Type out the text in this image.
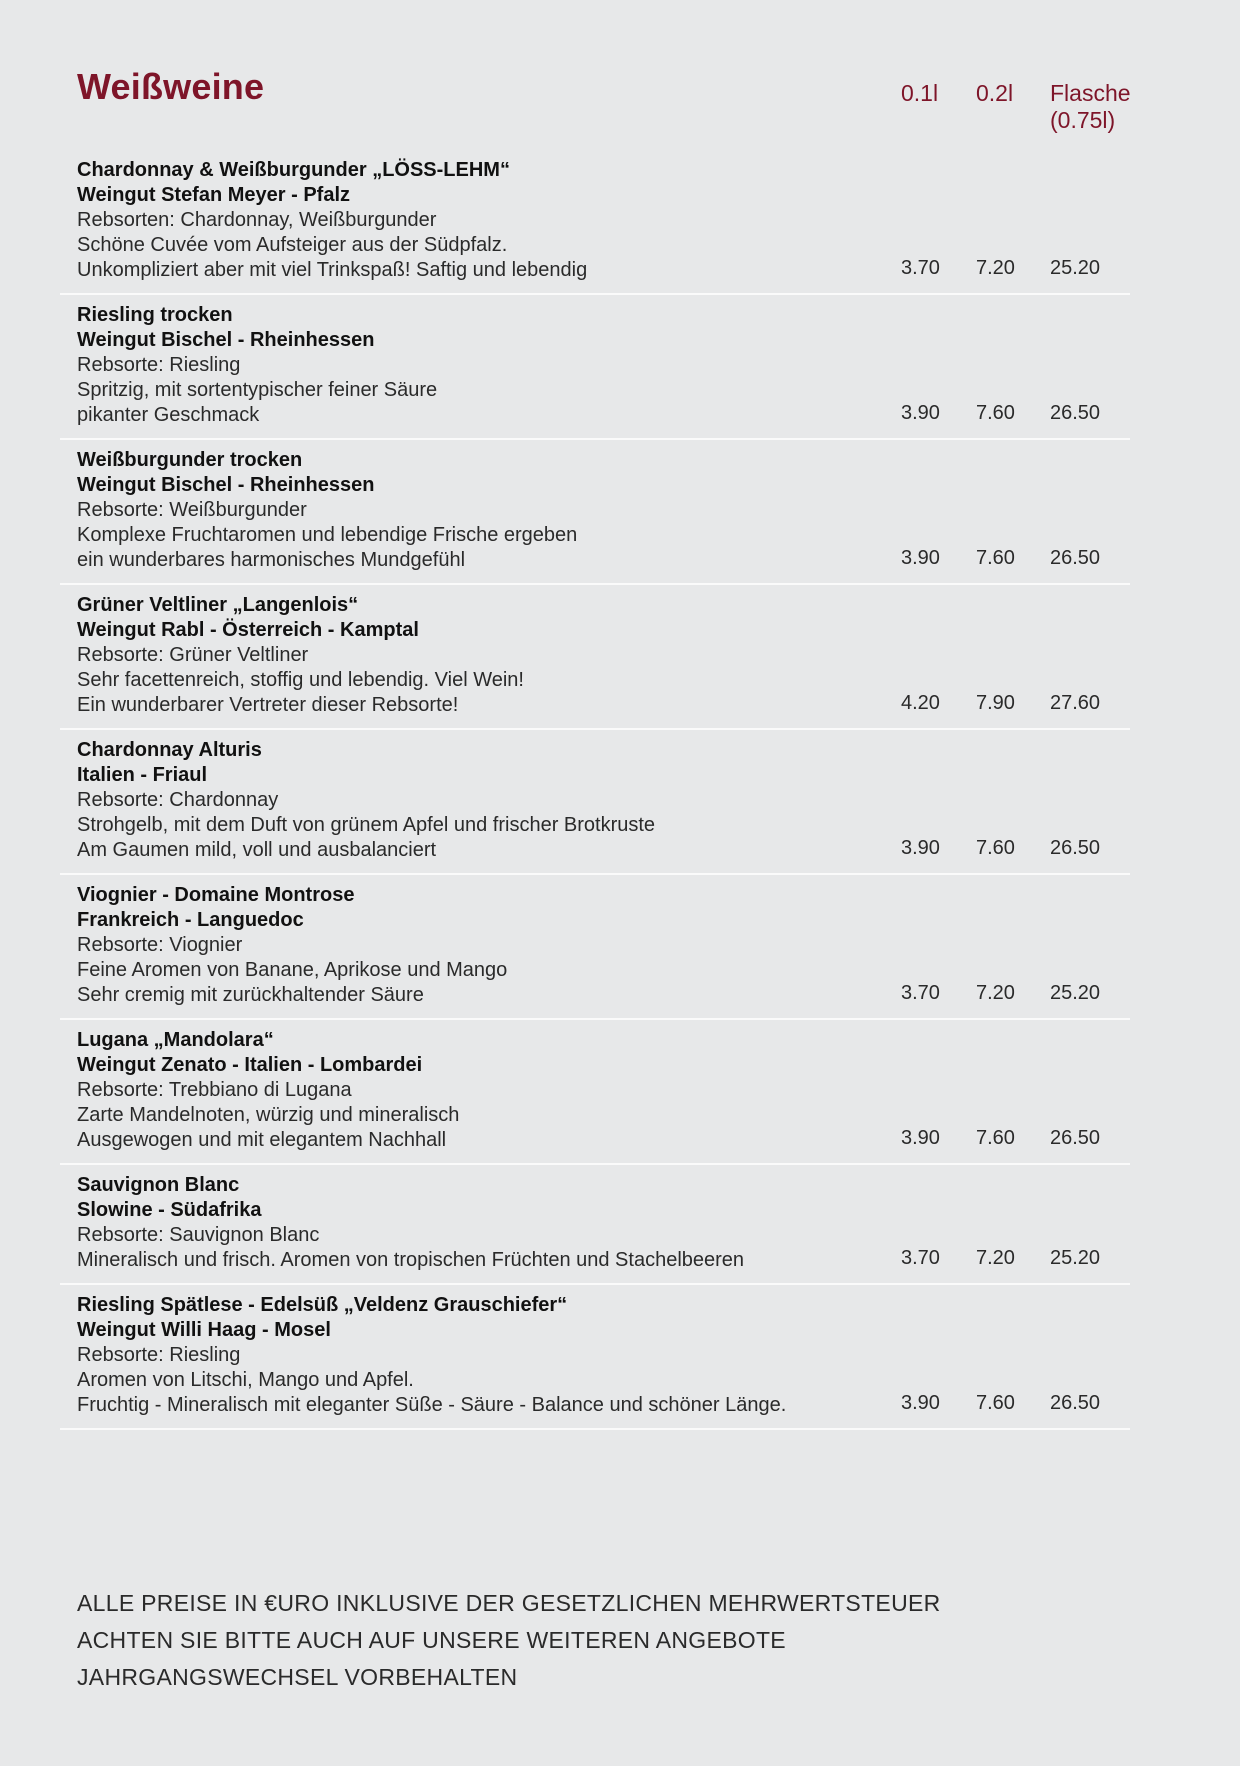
Weißweine	0.1l 0.2l Flasche (0.75l)
Chardonnay & Weißburgunder „LÖSS-LEHM“
Weingut Stefan Meyer - Pfalz
Rebsorten: Chardonnay, Weißburgunder
Schöne Cuvée vom Aufsteiger aus der Südpfalz.
Unkompliziert aber mit viel Trinkspaß! Saftig und lebendig	3.70 7.20 25.20
Riesling trocken
Weingut Bischel - Rheinhessen
Rebsorte: Riesling
Spritzig, mit sortentypischer feiner Säure
pikanter Geschmack	3.90 7.60 26.50
Weißburgunder trocken
Weingut Bischel - Rheinhessen
Rebsorte: Weißburgunder
Komplexe Fruchtaromen und lebendige Frische ergeben
ein wunderbares harmonisches Mundgefühl	3.90 7.60 26.50
Grüner Veltliner „Langenlois“
Weingut Rabl - Österreich - Kamptal
Rebsorte: Grüner Veltliner
Sehr facettenreich, stoffig und lebendig. Viel Wein!
Ein wunderbarer Vertreter dieser Rebsorte!	4.20 7.90 27.60
Chardonnay Alturis
Italien - Friaul
Rebsorte: Chardonnay
Strohgelb, mit dem Duft von grünem Apfel und frischer Brotkruste
Am Gaumen mild, voll und ausbalanciert	3.90 7.60 26.50
Viognier - Domaine Montrose
Frankreich - Languedoc
Rebsorte: Viognier
Feine Aromen von Banane, Aprikose und Mango
Sehr cremig mit zurückhaltender Säure	3.70 7.20 25.20
Lugana „Mandolara“
Weingut Zenato - Italien - Lombardei
Rebsorte: Trebbiano di Lugana
Zarte Mandelnoten, würzig und mineralisch
Ausgewogen und mit elegantem Nachhall	3.90 7.60 26.50
Sauvignon Blanc
Slowine - Südafrika
Rebsorte: Sauvignon Blanc
Mineralisch und frisch. Aromen von tropischen Früchten und Stachelbeeren	3.70 7.20 25.20
Riesling Spätlese - Edelsüß „Veldenz Grauschiefer“
Weingut Willi Haag - Mosel
Rebsorte: Riesling
Aromen von Litschi, Mango und Apfel.
Fruchtig - Mineralisch mit eleganter Süße - Säure - Balance und schöner Länge.	3.90 7.60 26.50
ALLE PREISE IN €URO INKLUSIVE DER GESETZLICHEN MEHRWERTSTEUER
ACHTEN SIE BITTE AUCH AUF UNSERE WEITEREN ANGEBOTE
JAHRGANGSWECHSEL VORBEHALTEN
